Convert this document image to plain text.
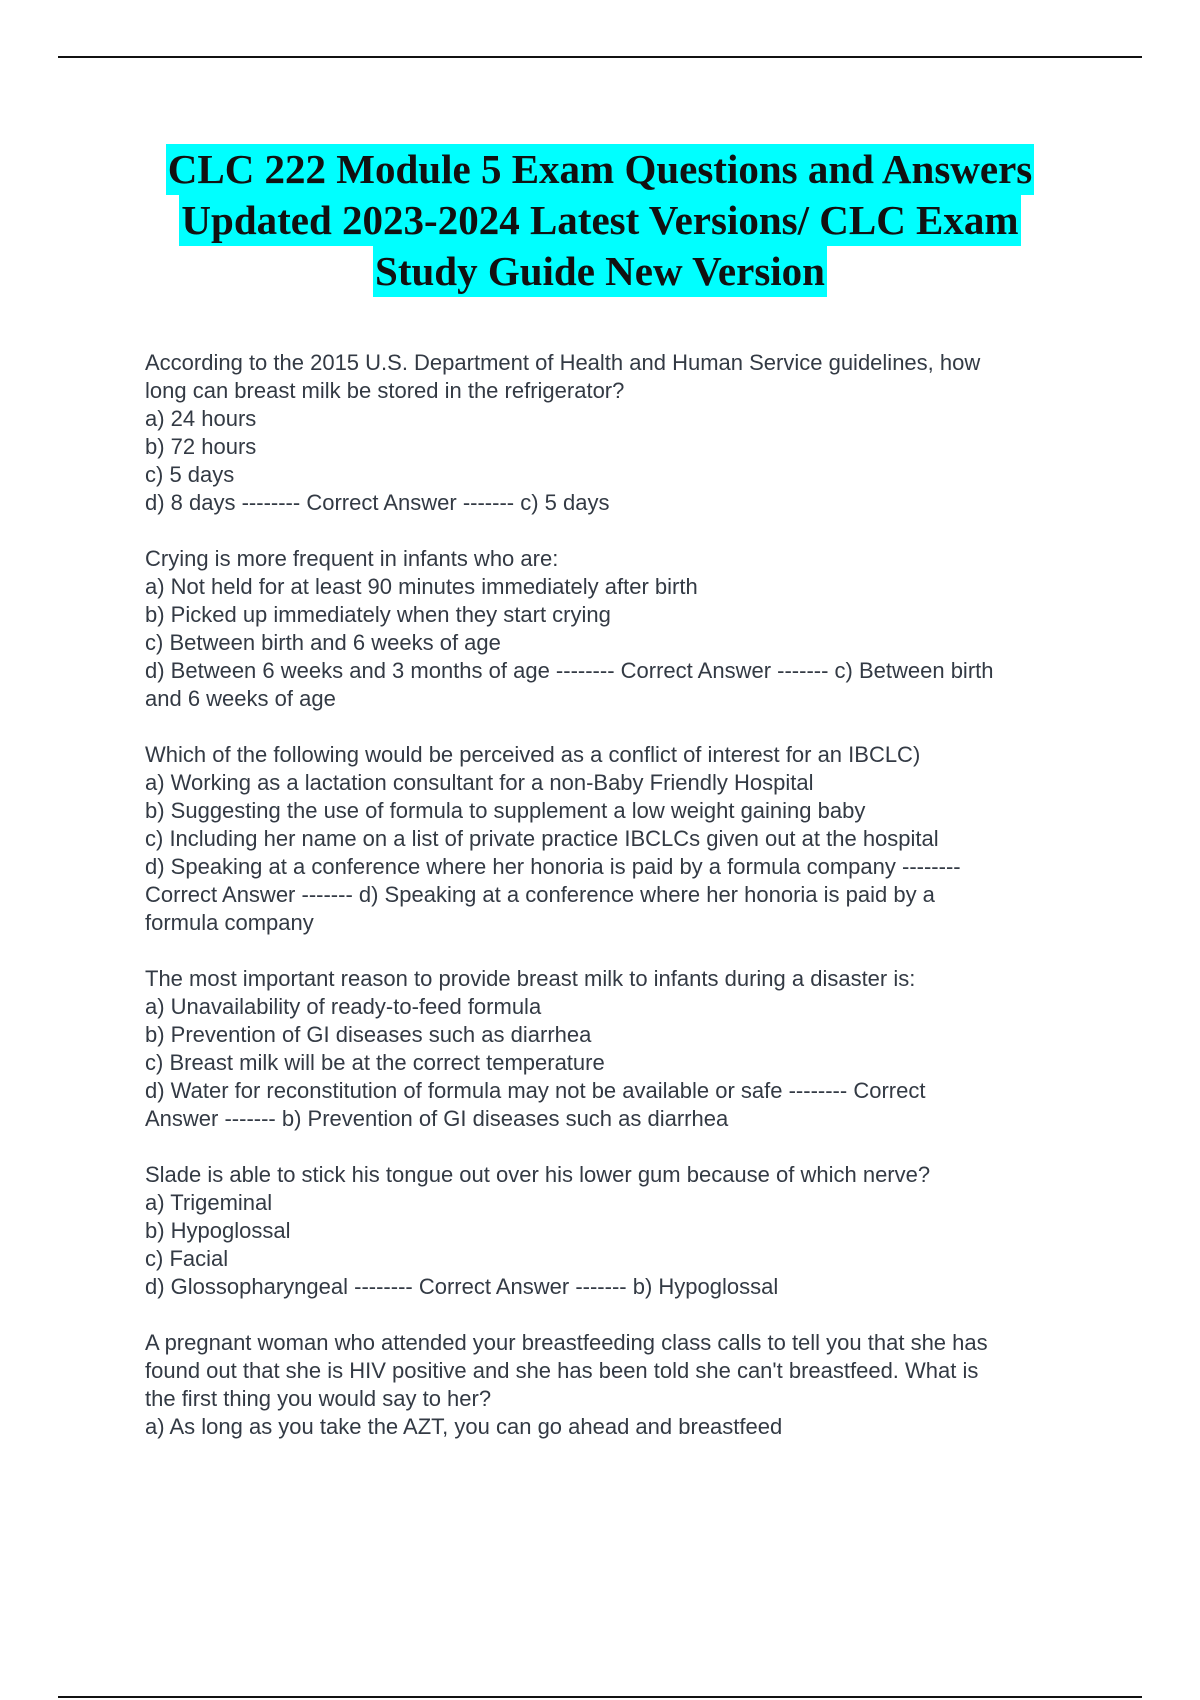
CLC 222 Module 5 Exam Questions and Answers
Updated 2023-2024 Latest Versions/ CLC Exam
Study Guide New Version
According to the 2015 U.S. Department of Health and Human Service guidelines, how
long can breast milk be stored in the refrigerator?
a) 24 hours
b) 72 hours
c) 5 days
d) 8 days -------- Correct Answer ------- c) 5 days
Crying is more frequent in infants who are:
a) Not held for at least 90 minutes immediately after birth
b) Picked up immediately when they start crying
c) Between birth and 6 weeks of age
d) Between 6 weeks and 3 months of age -------- Correct Answer ------- c) Between birth
and 6 weeks of age
Which of the following would be perceived as a conflict of interest for an IBCLC)
a) Working as a lactation consultant for a non-Baby Friendly Hospital
b) Suggesting the use of formula to supplement a low weight gaining baby
c) Including her name on a list of private practice IBCLCs given out at the hospital
d) Speaking at a conference where her honoria is paid by a formula company --------
Correct Answer ------- d) Speaking at a conference where her honoria is paid by a
formula company
The most important reason to provide breast milk to infants during a disaster is:
a) Unavailability of ready-to-feed formula
b) Prevention of GI diseases such as diarrhea
c) Breast milk will be at the correct temperature
d) Water for reconstitution of formula may not be available or safe -------- Correct
Answer ------- b) Prevention of GI diseases such as diarrhea
Slade is able to stick his tongue out over his lower gum because of which nerve?
a) Trigeminal
b) Hypoglossal
c) Facial
d) Glossopharyngeal -------- Correct Answer ------- b) Hypoglossal
A pregnant woman who attended your breastfeeding class calls to tell you that she has
found out that she is HIV positive and she has been told she can't breastfeed. What is
the first thing you would say to her?
a) As long as you take the AZT, you can go ahead and breastfeed
